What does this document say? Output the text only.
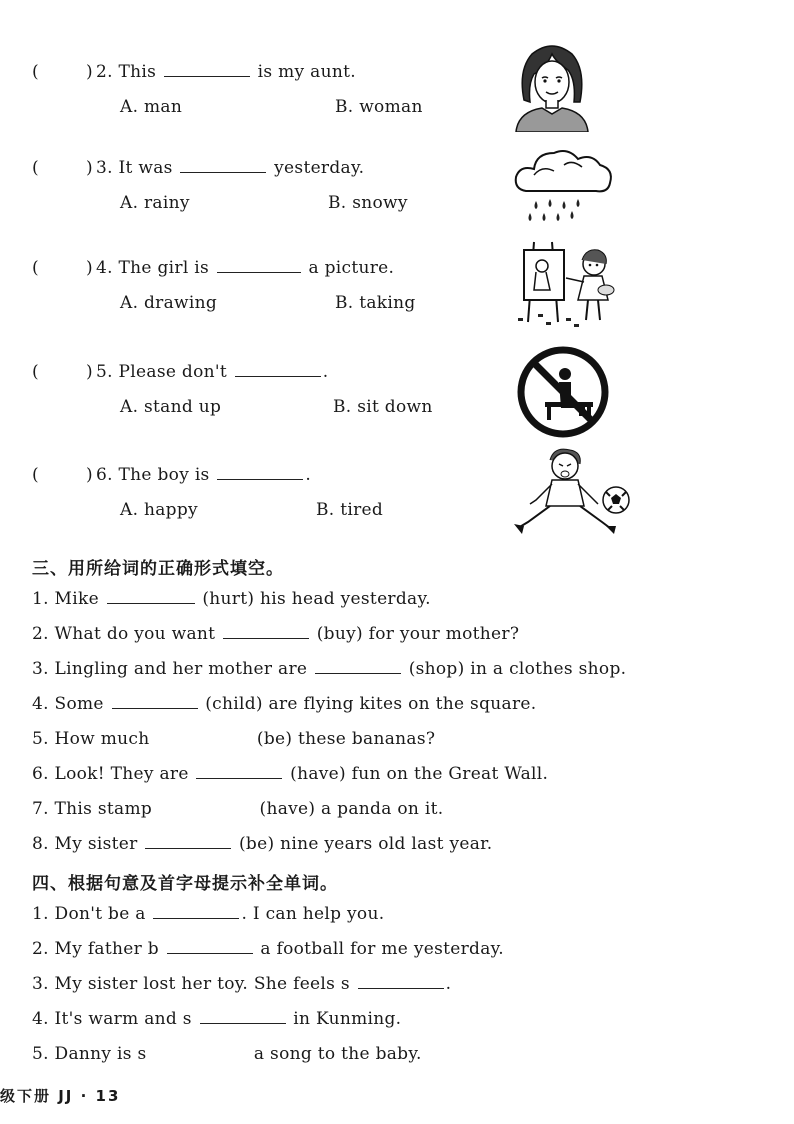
(	) 2. This	is my aunt.
A. man	B. woman
(	) 3. It was	yesterday.
A. rainy	B. snowy
(	) 4. The girl is	a picture.
A. drawing	B. taking
(	) 5. Please don't	.
A. stand up	B. sit down
(	) 6. The boy is	.
A. happy	B. tired
三、用所给词的正确形式填空。
1. Mike	(hurt) his head yesterday.
2. What do you want	(buy) for your mother?
3. Lingling and her mother are	(shop) in a clothes shop.
4. Some	(child) are flying kites on the square.
5. How much	(be) these bananas?
6. Look! They are	(have) fun on the Great Wall.
7. This stamp	(have) a panda on it.
8. My sister	(be) nine years old last year.
四、根据句意及首字母提示补全单词。
1. Don't be a	. I can help you.
2. My father b	a football for me yesterday.
3. My sister lost her toy. She feels s	.
4. It's warm and s	in Kunming.
5. Danny is s	a song to the baby.
级下册 JJ · 13
